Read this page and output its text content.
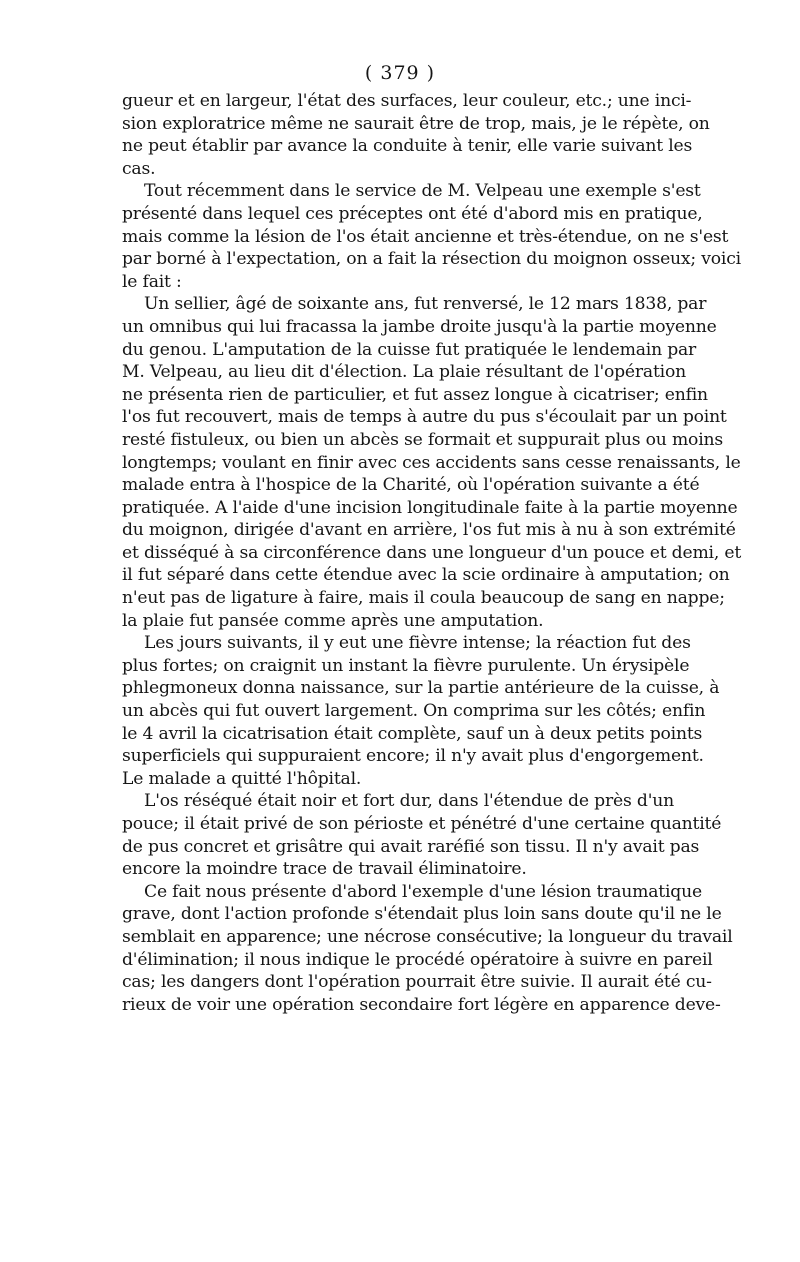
( 379 )
gueur et en largeur, l'état des surfaces, leur couleur, etc.; une inci-
sion exploratrice même ne saurait être de trop, mais, je le répète, on
ne peut établir par avance la conduite à tenir, elle varie suivant les
cas.
Tout récemment dans le service de M. Velpeau une exemple s'est
présenté dans lequel ces préceptes ont été d'abord mis en pratique,
mais comme la lésion de l'os était ancienne et très-étendue, on ne s'est
par borné à l'expectation, on a fait la résection du moignon osseux; voici
le fait :
Un sellier, âgé de soixante ans, fut renversé, le 12 mars 1838, par
un omnibus qui lui fracassa la jambe droite jusqu'à la partie moyenne
du genou. L'amputation de la cuisse fut pratiquée le lendemain par
M. Velpeau, au lieu dit d'élection. La plaie résultant de l'opération
ne présenta rien de particulier, et fut assez longue à cicatriser; enfin
l'os fut recouvert, mais de temps à autre du pus s'écoulait par un point
resté fistuleux, ou bien un abcès se formait et suppurait plus ou moins
longtemps; voulant en finir avec ces accidents sans cesse renaissants, le
malade entra à l'hospice de la Charité, où l'opération suivante a été
pratiquée. A l'aide d'une incision longitudinale faite à la partie moyenne
du moignon, dirigée d'avant en arrière, l'os fut mis à nu à son extrémité
et disséqué à sa circonférence dans une longueur d'un pouce et demi, et
il fut séparé dans cette étendue avec la scie ordinaire à amputation; on
n'eut pas de ligature à faire, mais il coula beaucoup de sang en nappe;
la plaie fut pansée comme après une amputation.
Les jours suivants, il y eut une fièvre intense; la réaction fut des
plus fortes; on craignit un instant la fièvre purulente. Un érysipèle
phlegmoneux donna naissance, sur la partie antérieure de la cuisse, à
un abcès qui fut ouvert largement. On comprima sur les côtés; enfin
le 4 avril la cicatrisation était complète, sauf un à deux petits points
superficiels qui suppuraient encore; il n'y avait plus d'engorgement.
Le malade a quitté l'hôpital.
L'os réséqué était noir et fort dur, dans l'étendue de près d'un
pouce; il était privé de son périoste et pénétré d'une certaine quantité
de pus concret et grisâtre qui avait raréfié son tissu. Il n'y avait pas
encore la moindre trace de travail éliminatoire.
Ce fait nous présente d'abord l'exemple d'une lésion traumatique
grave, dont l'action profonde s'étendait plus loin sans doute qu'il ne le
semblait en apparence; une nécrose consécutive; la longueur du travail
d'élimination; il nous indique le procédé opératoire à suivre en pareil
cas; les dangers dont l'opération pourrait être suivie. Il aurait été cu-
rieux de voir une opération secondaire fort légère en apparence deve-
